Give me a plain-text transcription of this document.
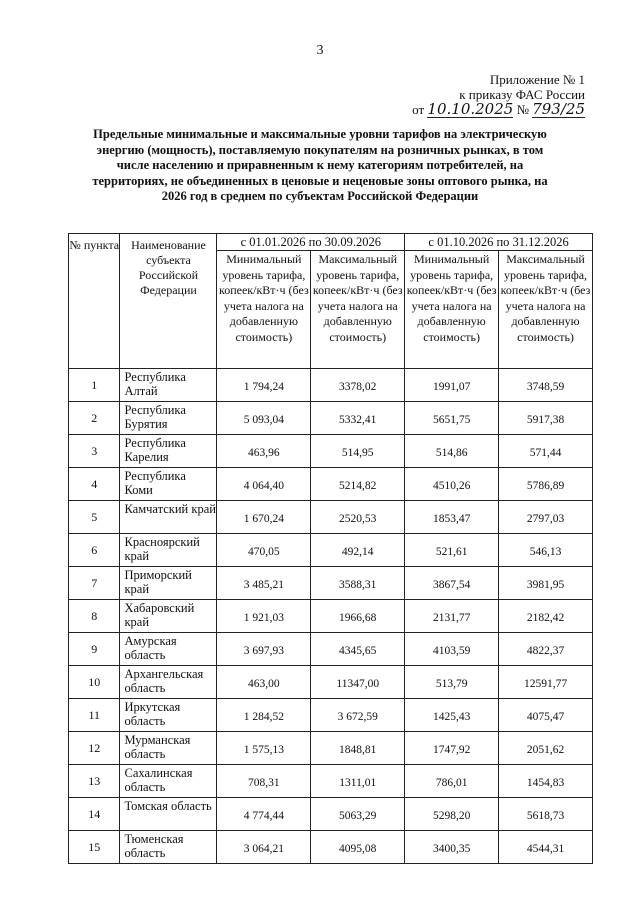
3
Приложение № 1
к приказу ФАС России
от 10.10.2025 № 793/25
Предельные минимальные и максимальные уровни тарифов на электрическую энергию (мощность), поставляемую покупателям на розничных рынках, в том числе населению и приравненным к нему категориям потребителей, на территориях, не объединенных в ценовые и неценовые зоны оптового рынка, на 2026 год в среднем по субъектам Российской Федерации
№ пункта	Наименование субъекта Российской Федерации	с 01.01.2026 по 30.09.2026		с 01.10.2026 по 31.12.2026	
		Минимальный уровень тарифа, копеек/кВт·ч (без учета налога на добавленную стоимость)	Максимальный уровень тарифа, копеек/кВт·ч (без учета налога на добавленную стоимость)	Минимальный уровень тарифа, копеек/кВт·ч (без учета налога на добавленную стоимость)	Максимальный уровень тарифа, копеек/кВт·ч (без учета налога на добавленную стоимость)
1	Республика Алтай	1 794,24	3378,02	1991,07	3748,59
2	Республика Бурятия	5 093,04	5332,41	5651,75	5917,38
3	Республика Карелия	463,96	514,95	514,86	571,44
4	Республика Коми	4 064,40	5214,82	4510,26	5786,89
5	Камчатский край	1 670,24	2520,53	1853,47	2797,03
6	Красноярский край	470,05	492,14	521,61	546,13
7	Приморский край	3 485,21	3588,31	3867,54	3981,95
8	Хабаровский край	1 921,03	1966,68	2131,77	2182,42
9	Амурская область	3 697,93	4345,65	4103,59	4822,37
10	Архангельская область	463,00	11347,00	513,79	12591,77
11	Иркутская область	1 284,52	3 672,59	1425,43	4075,47
12	Мурманская область	1 575,13	1848,81	1747,92	2051,62
13	Сахалинская область	708,31	1311,01	786,01	1454,83
14	Томская область	4 774,44	5063,29	5298,20	5618,73
15	Тюменская область	3 064,21	4095,08	3400,35	4544,31
